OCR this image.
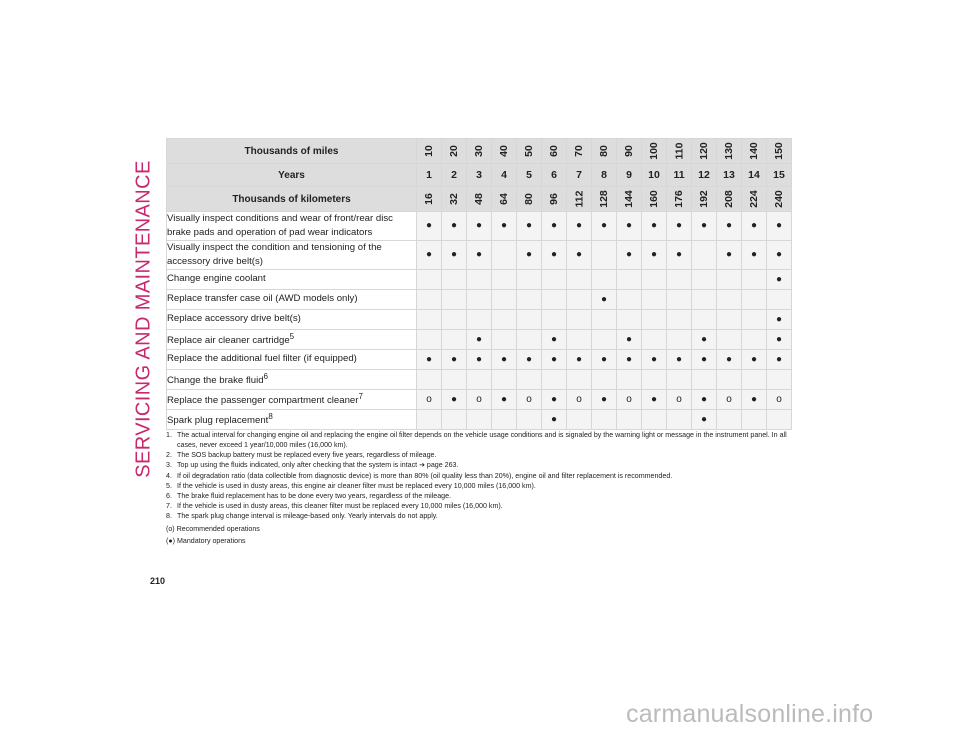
SERVICING AND MAINTENANCE
Thousands of miles	10	20	30	40	50	60	70	80	90	100	110	120	130	140	150
Years	1	2	3	4	5	6	7	8	9	10	11	12	13	14	15
Thousands of kilometers	16	32	48	64	80	96	112	128	144	160	176	192	208	224	240
Visually inspect conditions and wear of front/rear disc brake pads and operation of pad wear indicators	●	●	●	●	●	●	●	●	●	●	●	●	●	●	●
Visually inspect the condition and tensioning of the accessory drive belt(s)	●	●	●		●	●	●		●	●	●		●	●	●
Change engine coolant															●
Replace transfer case oil (AWD models only)								●							
Replace accessory drive belt(s)															●
Replace air cleaner cartridge$^5$			●			●			●			●			●
Replace the additional fuel filter (if equipped)	●	●	●	●	●	●	●	●	●	●	●	●	●	●	●
Change the brake fluid$^6$															
Replace the passenger compartment cleaner$^7$	o	●	o	●	o	●	o	●	o	●	o	●	o	●	o
Spark plug replacement$^8$						●						●			
1. The actual interval for changing engine oil and replacing the engine oil filter depends on the vehicle usage conditions and is signaled by the warning light or message in the instrument panel. In all cases, never exceed 1 year/10,000 miles (16,000 km).
2. The SOS backup battery must be replaced every five years, regardless of mileage.
3. Top up using the fluids indicated, only after checking that the system is intact ➔ page 263.
4. If oil degradation ratio (data collectible from diagnostic device) is more than 80% (oil quality less than 20%), engine oil and filter replacement is recommended.
5. If the vehicle is used in dusty areas, this engine air cleaner filter must be replaced every 10,000 miles (16,000 km).
6. The brake fluid replacement has to be done every two years, regardless of the mileage.
7. If the vehicle is used in dusty areas, this cleaner filter must be replaced every 10,000 miles (16,000 km).
8. The spark plug change interval is mileage-based only. Yearly intervals do not apply.
(o) Recommended operations
(●) Mandatory operations
210
carmanualsonline.info
